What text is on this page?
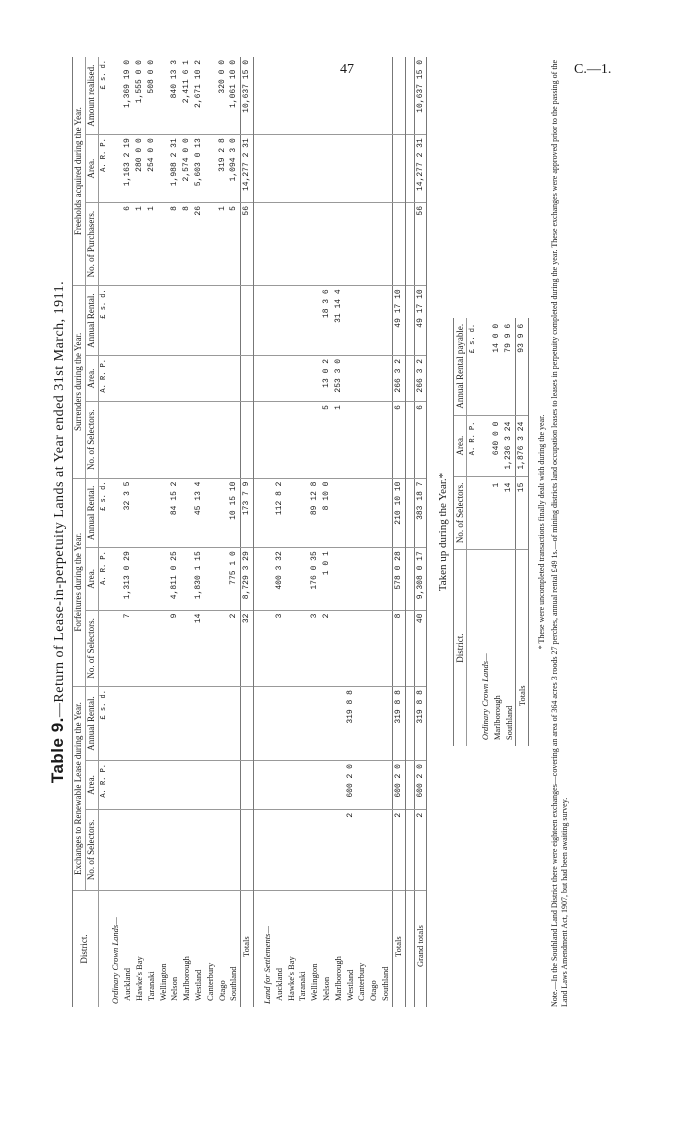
47	C.—1.
Table 9.—Return of Lease-in-perpetuity Lands at Year ended 31st March, 1911.
District.	Exchanges to Renewable Lease during the Year.			Forfeitures during the Year.			Surrenders during the Year.			Freeholds acquired during the Year.		
	No. of Selectors.	Area.	Annual Rental.	No. of Selectors.	Area.	Annual Rental.	No. of Selectors.	Area.	Annual Rental.	No. of Purchasers.	Area.	Amount realised.
		A. R. P.	£ s. d.		A. R. P.	£ s. d.		A. R. P.	£ s. d.		A. R. P.	£ s. d.
Ordinary Crown Lands—												
Auckland				7	1,313 0 29	32 3 5				6	1,163 2 19	1,369 19 0
Hawke's Bay										1	280 0 0	1,555 0 0
Taranaki										1	254 0 0	508 0 0
Wellington												
Nelson				9	4,811 0 25	84 15 2				8	1,988 2 31	840 13 3
Marlborough										8	2,574 0 0	2,411 6 1
Westland				14	1,830 1 15	45 13 4				26	5,603 0 13	2,671 10 2
Canterbury												
Otago										1	319 2 8	320 0 0
Southland				2	775 1 0	10 15 10				5	1,094 3 0	1,061 10 0
Totals				32	8,729 3 29	173 7 9				56	14,277 2 31	10,637 15 0

Land for Settlements—												
Auckland				3	400 3 32	112 8 2						
Hawke's Bay												
Taranaki												
Wellington				3	176 0 35	89 12 8						
Nelson				2	1 0 1	8 10 0	5	13 0 2	18 3 6			
Marlborough							1	253 3 0	31 14 4			
Westland	2	600 2 0	319 8 8									
Canterbury												
Otago												
Southland												
Totals	2	600 2 0	319 8 8	8	578 0 28	210 10 10	6	266 3 2	49 17 10			

Grand totals	2	600 2 0	319 8 8	40	9,308 0 17	383 18 7	6	266 3 2	49 17 10	56	14,277 2 31	10,637 15 0
Taken up during the Year.*
District.	No. of Selectors.	Area.	Annual Rental payable.
		A. R. P.	£ s. d.
Ordinary Crown Lands—			
Marlborough	1	640 0 0	14 0 0
Southland	14	1,236 3 24	79 9 6
Totals	15	1,876 3 24	93 9 6
* These were uncompleted transactions finally dealt with during the year. Note.—In the Southland Land District there were eighteen exchanges—covering an area of 364 acres 3 roods 27 perches, annual rental £49 1s.—of mining districts land occupation leases to leases in perpetuity completed during the year. These exchanges were approved prior to the passing of the Land Laws Amendment Act, 1907, but had been awaiting survey.
